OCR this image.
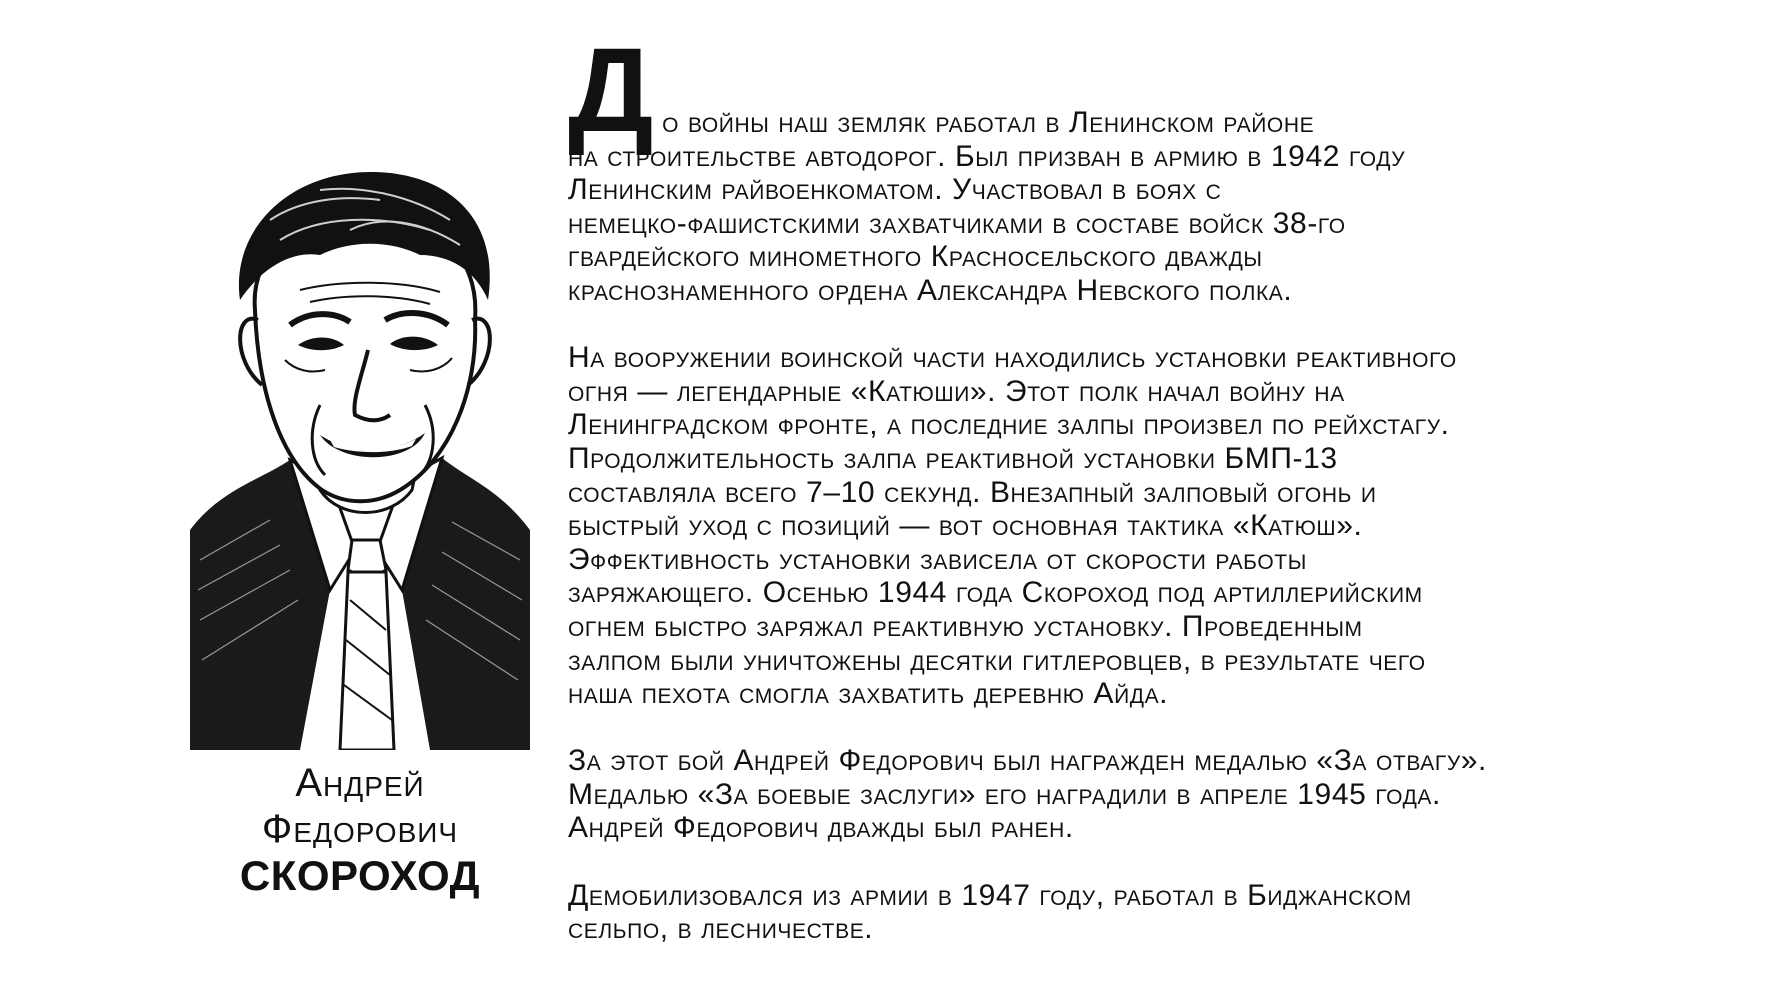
Андрей
Федорович
СКОРОХОД
Д о войны наш земляк работал в Ленинском районе
на строительстве автодорог. Был призван в армию в 1942 году
Ленинским райвоенкоматом. Участвовал в боях с
немецко-фашистскими захватчиками в составе войск 38-го
гвардейского минометного Красносельского дважды
краснознаменного ордена Александра Невского полка.
На вооружении воинской части находились установки реактивного
огня — легендарные «Катюши». Этот полк начал войну на
Ленинградском фронте, а последние залпы произвел по рейхстагу.
Продолжительность залпа реактивной установки БМП-13
составляла всего 7–10 секунд. Внезапный залповый огонь и
быстрый уход с позиций — вот основная тактика «Катюш».
Эффективность установки зависела от скорости работы
заряжающего. Осенью 1944 года Скороход под артиллерийским
огнем быстро заряжал реактивную установку. Проведенным
залпом были уничтожены десятки гитлеровцев, в результате чего
наша пехота смогла захватить деревню Айда.
За этот бой Андрей Федорович был награжден медалью «За отвагу».
Медалью «За боевые заслуги» его наградили в апреле 1945 года.
Андрей Федорович дважды был ранен.
Демобилизовался из армии в 1947 году, работал в Биджанском
сельпо, в лесничестве.
